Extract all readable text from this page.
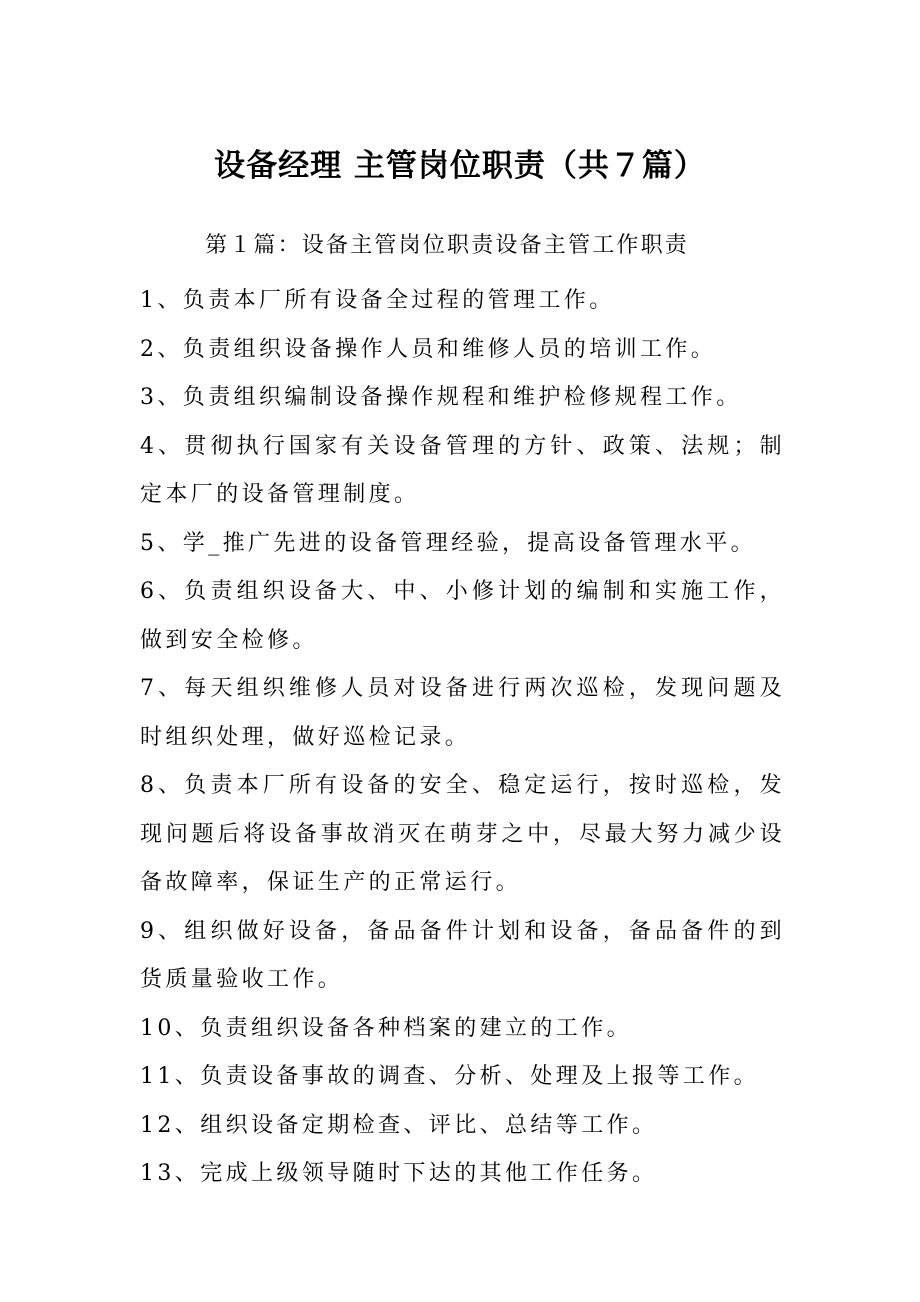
设备经理 主管岗位职责（共７篇）
第１篇：设备主管岗位职责设备主管工作职责

1、负责本厂所有设备全过程的管理工作。

2、负责组织设备操作人员和维修人员的培训工作。

3、负责组织编制设备操作规程和维护检修规程工作。

4、贯彻执行国家有关设备管理的方针、政策、法规；制定本厂的设备管理制度。

5、学_推广先进的设备管理经验，提高设备管理水平。

6、负责组织设备大、中、小修计划的编制和实施工作，做到安全检修。

7、每天组织维修人员对设备进行两次巡检，发现问题及时组织处理，做好巡检记录。

8、负责本厂所有设备的安全、稳定运行，按时巡检，发现问题后将设备事故消灭在萌芽之中，尽最大努力减少设备故障率，保证生产的正常运行。

9、组织做好设备，备品备件计划和设备，备品备件的到货质量验收工作。

10、负责组织设备各种档案的建立的工作。

11、负责设备事故的调查、分析、处理及上报等工作。

12、组织设备定期检查、评比、总结等工作。

13、完成上级领导随时下达的其他工作任务。
